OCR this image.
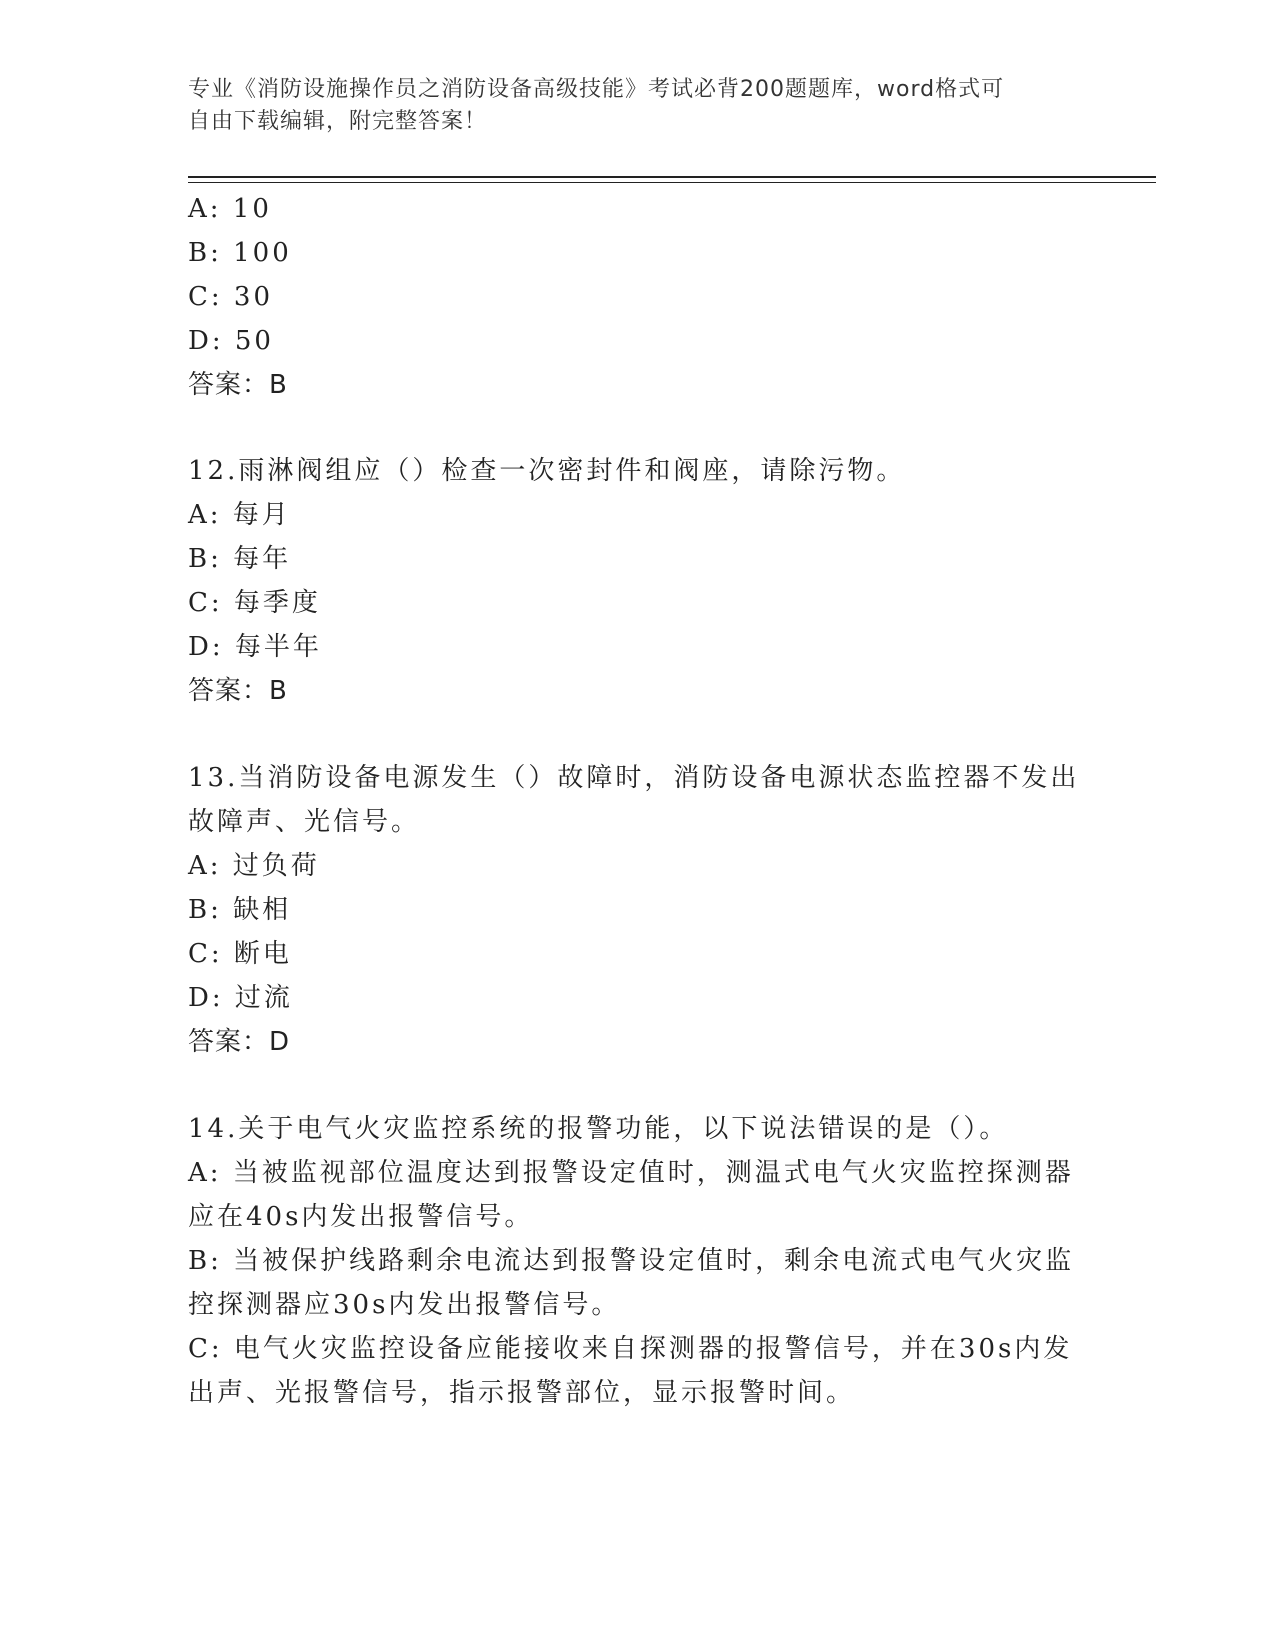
专业《消防设施操作员之消防设备高级技能》考试必背200题题库，word格式可
自由下载编辑，附完整答案！
A: 10
B: 100
C: 30
D: 50
答案：B
12.雨淋阀组应（）检查一次密封件和阀座，请除污物。
A: 每月
B: 每年
C: 每季度
D: 每半年
答案：B
13.当消防设备电源发生（）故障时，消防设备电源状态监控器不发出
故障声、光信号。
A: 过负荷
B: 缺相
C: 断电
D: 过流
答案：D
14.关于电气火灾监控系统的报警功能，以下说法错误的是（）。
A: 当被监视部位温度达到报警设定值时，测温式电气火灾监控探测器
应在40s内发出报警信号。
B: 当被保护线路剩余电流达到报警设定值时，剩余电流式电气火灾监
控探测器应30s内发出报警信号。
C: 电气火灾监控设备应能接收来自探测器的报警信号，并在30s内发
出声、光报警信号，指示报警部位，显示报警时间。
